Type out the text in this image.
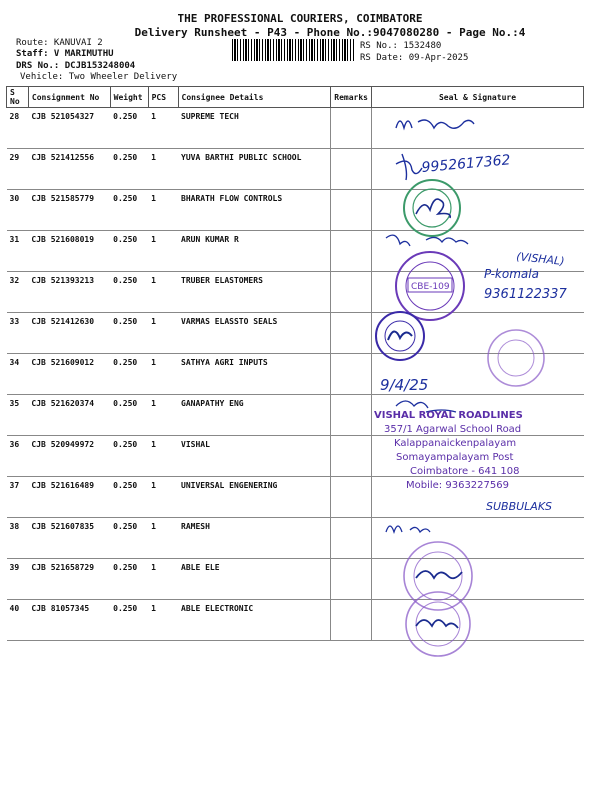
THE PROFESSIONAL COURIERS, COIMBATORE
Delivery Runsheet - P43 - Phone No.:9047080280 - Page No.:4
Route: KANUVAI 2
Staff: V MARIMUTHU
DRS No.: DCJB153248004
Vehicle: Two Wheeler Delivery
RS No.: 1532480
RS Date: 09-Apr-2025
S No	Consignment No	Weight	PCS	Consignee Details	Remarks	Seal & Signature
28	CJB 521054327	0.250	1	SUPREME TECH		
29	CJB 521412556	0.250	1	YUVA BARTHI PUBLIC SCHOOL		
30	CJB 521585779	0.250	1	BHARATH FLOW CONTROLS		
31	CJB 521608019	0.250	1	ARUN KUMAR R		
32	CJB 521393213	0.250	1	TRUBER ELASTOMERS		
33	CJB 521412630	0.250	1	VARMAS ELASSTO SEALS		
34	CJB 521609012	0.250	1	SATHYA AGRI INPUTS		
35	CJB 521620374	0.250	1	GANAPATHY ENG		
36	CJB 520949972	0.250	1	VISHAL		
37	CJB 521616489	0.250	1	UNIVERSAL ENGENERING		
38	CJB 521607835	0.250	1	RAMESH		
39	CJB 521658729	0.250	1	ABLE ELE		
40	CJB 81057345	0.250	1	ABLE ELECTRONIC		
9952617362
(VISHAL)
CBE-109
P-komala
9361122337
9/4/25
VISHAL ROYAL ROADLINES
357/1 Agarwal School Road
Kalappanaickenpalayam
Somayampalayam Post
Coimbatore - 641 108
Mobile: 9363227569
SUBBULAKS
